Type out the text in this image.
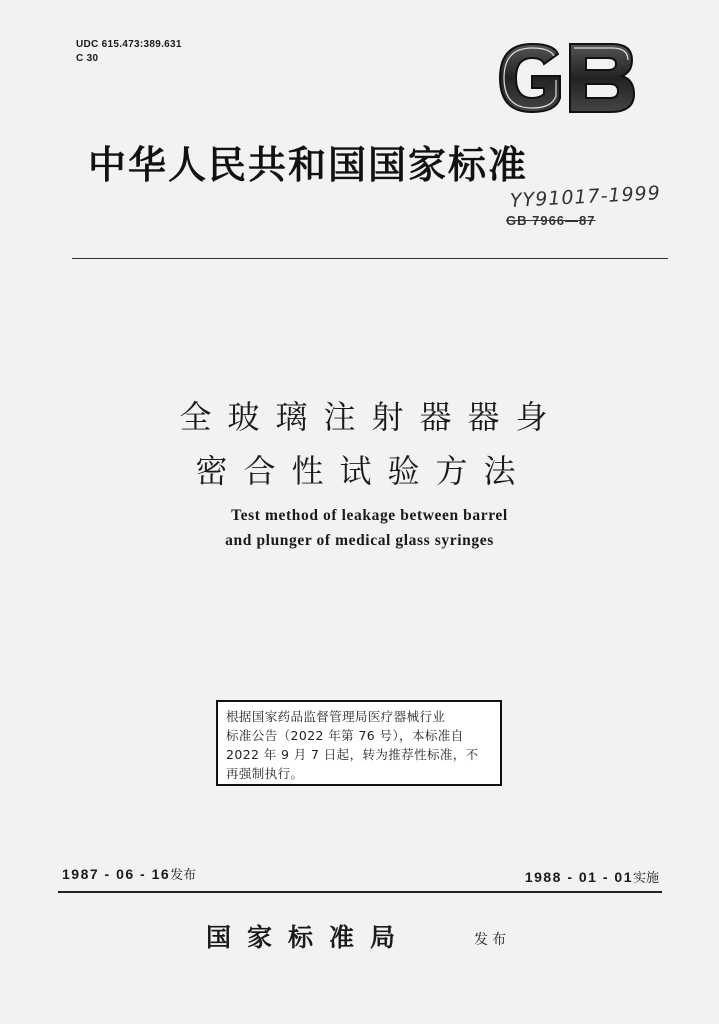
UDC 615.473:389.631
C 30
中华人民共和国国家标准
YY91017-1999
GB 7966—87
全玻璃注射器器身
密合性试验方法
Test method of leakage between barrel
and plunger of medical glass syringes
根据国家药品监督管理局医疗器械行业
标准公告（2022 年第 76 号），本标准自
2022 年 9 月 7 日起，转为推荐性标准，不
再强制执行。
1987 - 06 - 16发布	1988 - 01 - 01实施
国家标准局	发布
